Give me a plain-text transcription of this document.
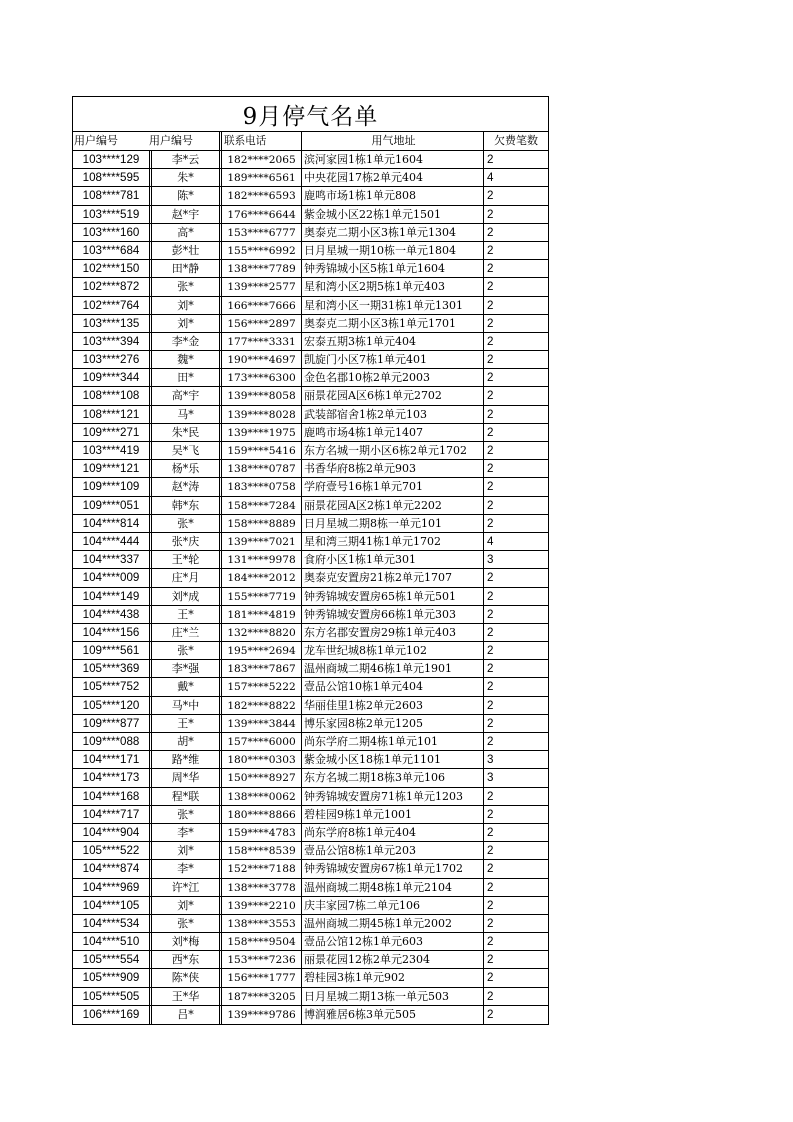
9月停气名单
用户编号	用户编号	联系电话	用气地址	欠费笔数
103****129	李*云	182****2065 滨河家园1栋1单元1604	2
108****595	朱*	189****6561 中央花园17栋2单元404	4
108****781	陈*	182****6593 鹿鸣市场1栋1单元808	2
103****519	赵*宇	176****6644 紫金城小区22栋1单元1501	2
103****160	高*	153****6777 奥泰克二期小区3栋1单元1304	2
103****684	彭*壮	155****6992 日月星城一期10栋一单元1804	2
102****150	田*静	138****7789 钟秀锦城小区5栋1单元1604	2
102****872	张*	139****2577 星和湾小区2期5栋1单元403	2
102****764	刘*	166****7666 星和湾小区一期31栋1单元1301	2
103****135	刘*	156****2897 奥泰克二期小区3栋1单元1701	2
103****394	李*金	177****3331 宏泰五期3栋1单元404	2
103****276	魏*	190****4697 凯旋门小区7栋1单元401	2
109****344	田*	173****6300 金色名郡10栋2单元2003	2
108****108	高*宇	139****8058 丽景花园A区6栋1单元2702	2
108****121	马*	139****8028 武装部宿舍1栋2单元103	2
109****271	朱*民	139****1975 鹿鸣市场4栋1单元1407	2
103****419	吴*飞	159****5416 东方名城一期小区6栋2单元1702	2
109****121	杨*乐	138****0787 书香华府8栋2单元903	2
109****109	赵*涛	183****0758 学府壹号16栋1单元701	2
109****051	韩*东	158****7284 丽景花园A区2栋1单元2202	2
104****814	张*	158****8889 日月星城二期8栋一单元101	2
104****444	张*庆	139****7021 星和湾三期41栋1单元1702	4
104****337	王*轮	131****9978 食府小区1栋1单元301	3
104****009	庄*月	184****2012 奥泰克安置房21栋2单元1707	2
104****149	刘*成	155****7719 钟秀锦城安置房65栋1单元501	2
104****438	王*	181****4819 钟秀锦城安置房66栋1单元303	2
104****156	庄*兰	132****8820 东方名郡安置房29栋1单元403	2
109****561	张*	195****2694 龙车世纪城8栋1单元102	2
105****369	李*强	183****7867 温州商城二期46栋1单元1901	2
105****752	戴*	157****5222 壹品公馆10栋1单元404	2
105****120	马*中	182****8822 华丽佳里1栋2单元2603	2
109****877	王*	139****3844 博乐家园8栋2单元1205	2
109****088	胡*	157****6000 尚东学府二期4栋1单元101	2
104****171	路*维	180****0303 紫金城小区18栋1单元1101	3
104****173	周*华	150****8927 东方名城二期18栋3单元106	3
104****168	程*联	138****0062 钟秀锦城安置房71栋1单元1203	2
104****717	张*	180****8866 碧桂园9栋1单元1001	2
104****904	李*	159****4783 尚东学府8栋1单元404	2
105****522	刘*	158****8539 壹品公馆8栋1单元203	2
104****874	李*	152****7188 钟秀锦城安置房67栋1单元1702	2
104****969	许*江	138****3778 温州商城二期48栋1单元2104	2
104****105	刘*	139****2210 庆丰家园7栋二单元106	2
104****534	张*	138****3553 温州商城二期45栋1单元2002	2
104****510	刘*梅	158****9504 壹品公馆12栋1单元603	2
105****554	西*东	153****7236 丽景花园12栋2单元2304	2
105****909	陈*侠	156****1777 碧桂园3栋1单元902	2
105****505	王*华	187****3205 日月星城二期13栋一单元503	2
106****169	吕*	139****9786 博润雅居6栋3单元505	2
